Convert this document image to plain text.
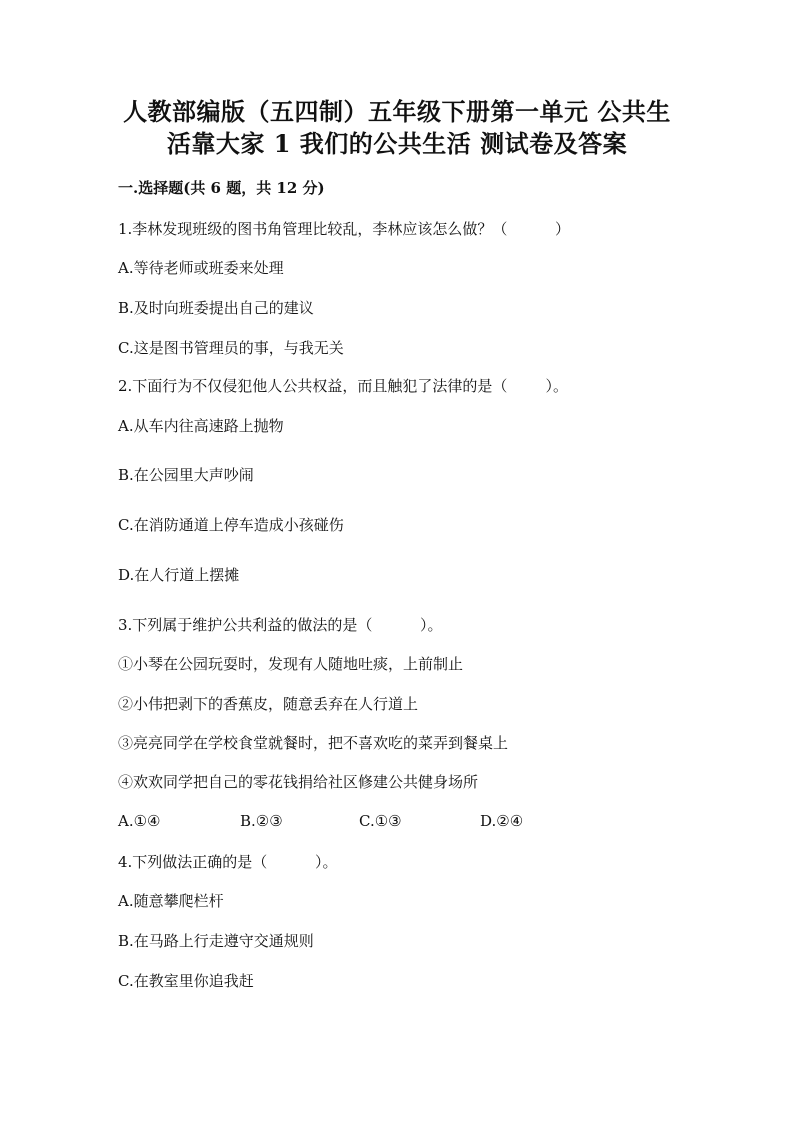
人教部编版（五四制）五年级下册第一单元 公共生
活靠大家 1 我们的公共生活 测试卷及答案
一.选择题(共 6 题，共 12 分)
1.李林发现班级的图书角管理比较乱，李林应该怎么做？（          ）
A.等待老师或班委来处理
B.及时向班委提出自己的建议
C.这是图书管理员的事，与我无关
2.下面行为不仅侵犯他人公共权益，而且触犯了法律的是（        ）。
A.从车内往高速路上抛物
B.在公园里大声吵闹
C.在消防通道上停车造成小孩碰伤
D.在人行道上摆摊
3.下列属于维护公共利益的做法的是（          ）。
①小琴在公园玩耍时，发现有人随地吐痰，上前制止
②小伟把剥下的香蕉皮，随意丢弃在人行道上
③亮亮同学在学校食堂就餐时，把不喜欢吃的菜弄到餐桌上
④欢欢同学把自己的零花钱捐给社区修建公共健身场所
A.①④	B.②③	C.①③	D.②④
4.下列做法正确的是（          ）。
A.随意攀爬栏杆
B.在马路上行走遵守交通规则
C.在教室里你追我赶
